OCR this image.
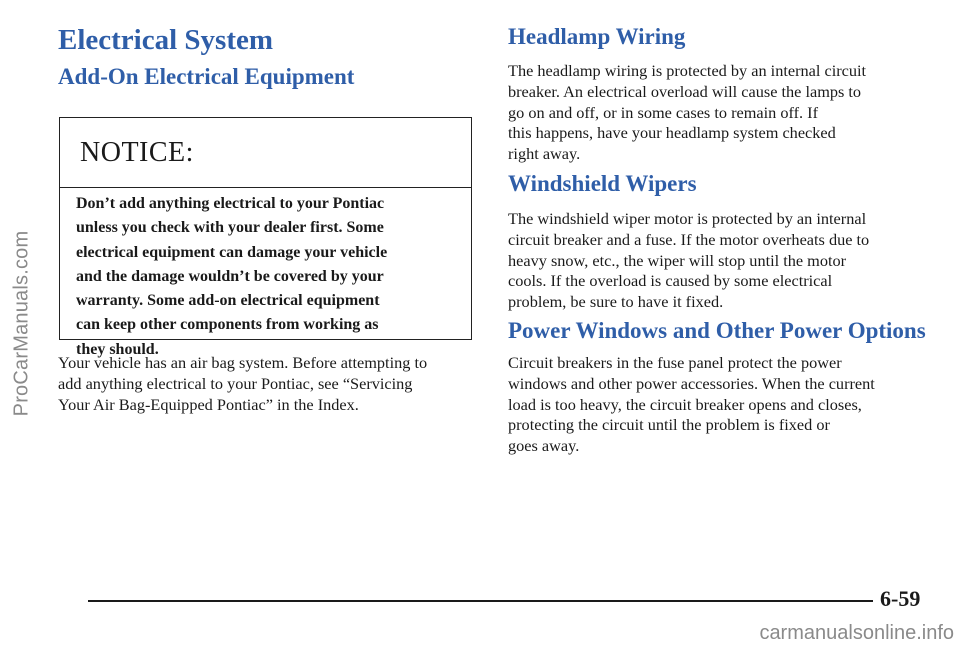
ProCarManuals.com
Electrical System
Add-On Electrical Equipment
NOTICE:

Don’t add anything electrical to your Pontiac
unless you check with your dealer first. Some
electrical equipment can damage your vehicle
and the damage wouldn’t be covered by your
warranty. Some add-on electrical equipment
can keep other components from working as
they should.

Your vehicle has an air bag system. Before attempting to
add anything electrical to your Pontiac, see “Servicing
Your Air Bag-Equipped Pontiac” in the Index.

Headlamp Wiring

The headlamp wiring is protected by an internal circuit
breaker. An electrical overload will cause the lamps to
go on and off, or in some cases to remain off. If
this happens, have your headlamp system checked
right away.

Windshield Wipers

The windshield wiper motor is protected by an internal
circuit breaker and a fuse. If the motor overheats due to
heavy snow, etc., the wiper will stop until the motor
cools. If the overload is caused by some electrical
problem, be sure to have it fixed.

Power Windows and Other Power Options

Circuit breakers in the fuse panel protect the power
windows and other power accessories. When the current
load is too heavy, the circuit breaker opens and closes,
protecting the circuit until the problem is fixed or
goes away.

6-59
carmanualsonline.info
